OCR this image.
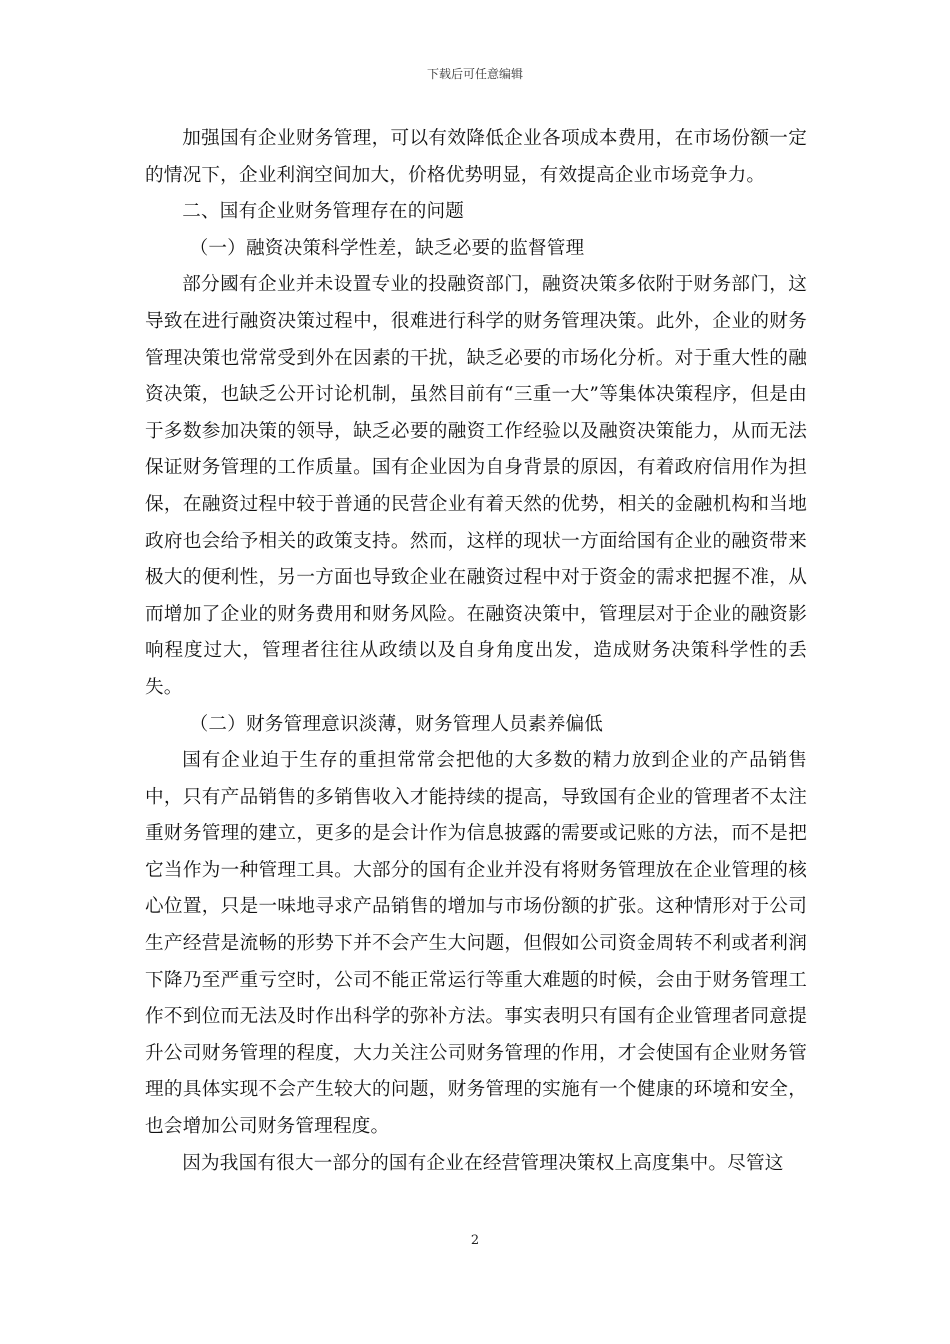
下载后可任意编辑

加强国有企业财务管理，可以有效降低企业各项成本费用，在市场份额一定的情况下，企业利润空间加大，价格优势明显，有效提高企业市场竞争力。

二、国有企业财务管理存在的问题

（一）融资决策科学性差，缺乏必要的监督管理

部分國有企业并未设置专业的投融资部门，融资决策多依附于财务部门，这导致在进行融资决策过程中，很难进行科学的财务管理决策。此外，企业的财务管理决策也常常受到外在因素的干扰，缺乏必要的市场化分析。对于重大性的融资决策，也缺乏公开讨论机制，虽然目前有“三重一大”等集体决策程序，但是由于多数参加决策的领导，缺乏必要的融资工作经验以及融资决策能力，从而无法保证财务管理的工作质量。国有企业因为自身背景的原因，有着政府信用作为担保，在融资过程中较于普通的民营企业有着天然的优势，相关的金融机构和当地政府也会给予相关的政策支持。然而，这样的现状一方面给国有企业的融资带来极大的便利性，另一方面也导致企业在融资过程中对于资金的需求把握不准，从而增加了企业的财务费用和财务风险。在融资决策中，管理层对于企业的融资影响程度过大，管理者往往从政绩以及自身角度出发，造成财务决策科学性的丢失。

（二）财务管理意识淡薄，财务管理人员素养偏低

国有企业迫于生存的重担常常会把他的大多数的精力放到企业的产品销售中，只有产品销售的多销售收入才能持续的提高，导致国有企业的管理者不太注重财务管理的建立，更多的是会计作为信息披露的需要或记账的方法，而不是把它当作为一种管理工具。大部分的国有企业并没有将财务管理放在企业管理的核心位置，只是一味地寻求产品销售的增加与市场份额的扩张。这种情形对于公司生产经营是流畅的形势下并不会产生大问题，但假如公司资金周转不利或者利润下降乃至严重亏空时，公司不能正常运行等重大难题的时候，会由于财务管理工作不到位而无法及时作出科学的弥补方法。事实表明只有国有企业管理者同意提升公司财务管理的程度，大力关注公司财务管理的作用，才会使国有企业财务管理的具体实现不会产生较大的问题，财务管理的实施有一个健康的环境和安全，也会增加公司财务管理程度。

因为我国有很大一部分的国有企业在经营管理决策权上高度集中。尽管这

2
